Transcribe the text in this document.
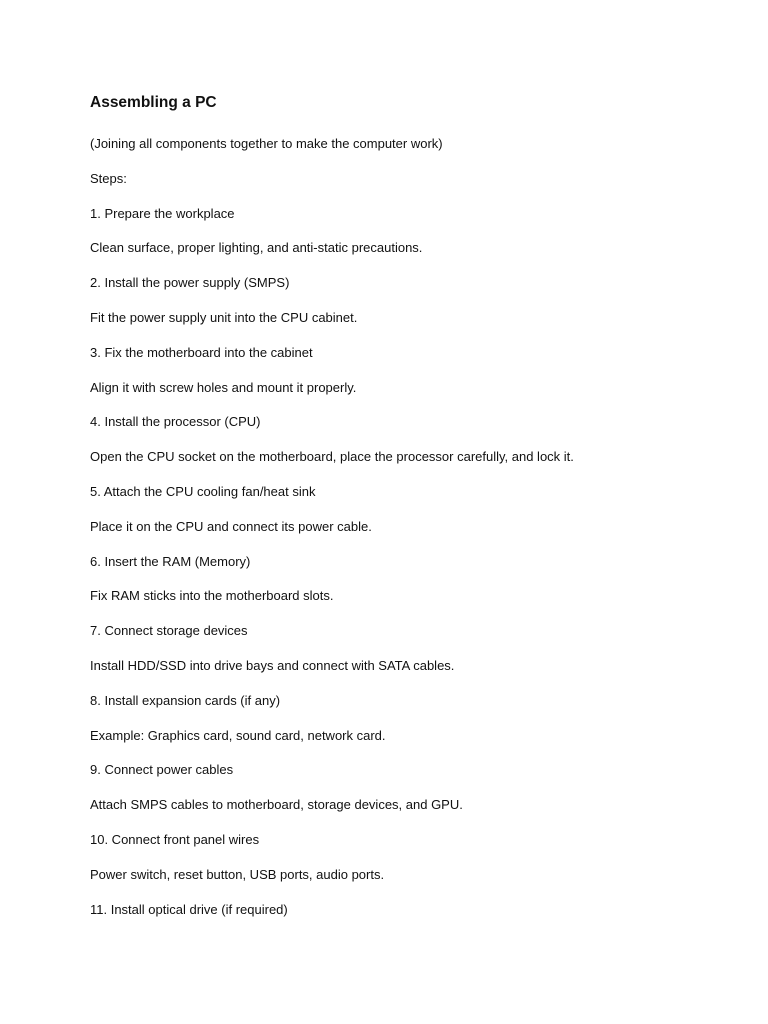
Assembling a PC

(Joining all components together to make the computer work)

Steps:

1. Prepare the workplace

Clean surface, proper lighting, and anti-static precautions.

2. Install the power supply (SMPS)

Fit the power supply unit into the CPU cabinet.

3. Fix the motherboard into the cabinet

Align it with screw holes and mount it properly.

4. Install the processor (CPU)

Open the CPU socket on the motherboard, place the processor carefully, and lock it.

5. Attach the CPU cooling fan/heat sink

Place it on the CPU and connect its power cable.

6. Insert the RAM (Memory)

Fix RAM sticks into the motherboard slots.

7. Connect storage devices

Install HDD/SSD into drive bays and connect with SATA cables.

8. Install expansion cards (if any)

Example: Graphics card, sound card, network card.

9. Connect power cables

Attach SMPS cables to motherboard, storage devices, and GPU.

10. Connect front panel wires

Power switch, reset button, USB ports, audio ports.

11. Install optical drive (if required)
